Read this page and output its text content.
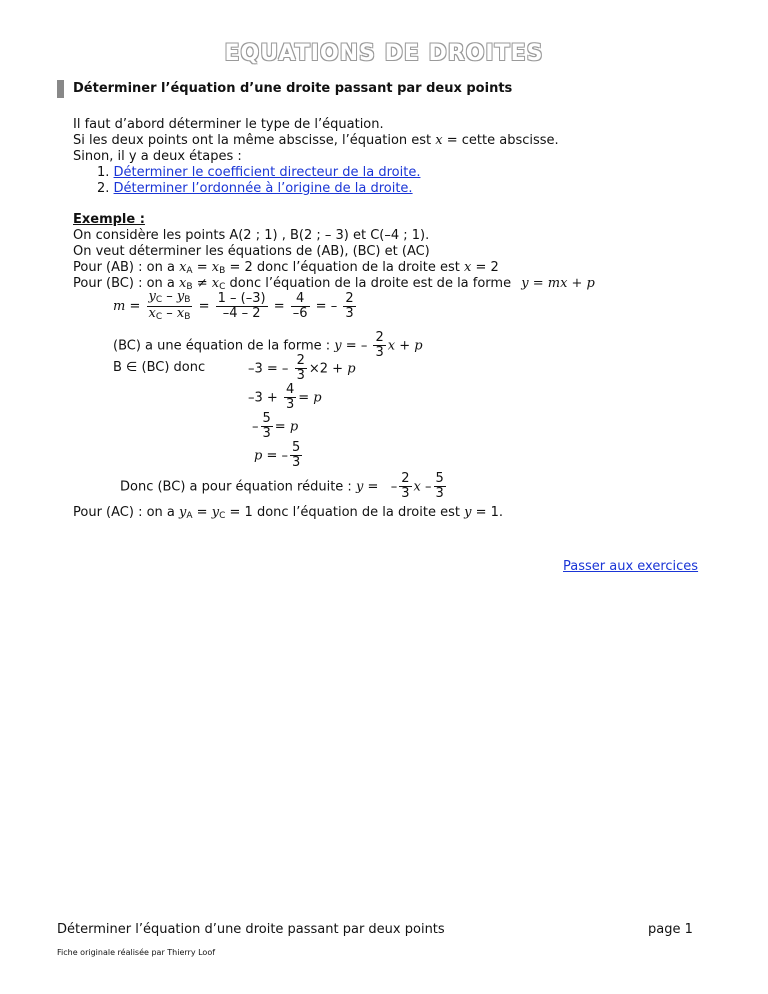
EQUATIONS DE DROITES
Déterminer l’équation d’une droite passant par deux points
Il faut d’abord déterminer le type de l’équation.
Si les deux points ont la même abscisse, l’équation est x = cette abscisse.
Sinon, il y a deux étapes :
1. Déterminer le coefficient directeur de la droite.
2. Déterminer l’ordonnée à l’origine de la droite.
Exemple :
On considère les points A(2 ; 1) , B(2 ; – 3) et C(–4 ; 1).
On veut déterminer les équations de (AB), (BC) et (AC)
Pour (AB) : on a $x_A = x_B = 2$ donc l’équation de la droite est x = 2
Pour (BC) : on a $x_B \ne x_C$ donc l’équation de la droite est de la forme y = mx + p
$m = \frac{y_C - y_B}{x_C - x_B} = \frac{1 - (-3)}{-4 - 2} = \frac{4}{-6}$ = – $\frac{2}{3}$
(BC) a une équation de la forme : y = – $\frac{2}{3}$ x + p
B ∈ (BC) donc	–3 = – $\frac{2}{3} \times 2 + p$
$-3 + \frac{4}{3} = p$
– $\frac{5}{3} = p$
p = – $\frac{5}{3}$
Donc (BC) a pour équation réduite : y =   – $\frac{2}{3}$ x – $\frac{5}{3}$
Pour (AC) : on a $y_A = y_C = 1$ donc l’équation de la droite est y = 1.
Passer aux exercices
Déterminer l’équation d’une droite passant par deux points	page 1
Fiche originale réalisée par Thierry Loof
